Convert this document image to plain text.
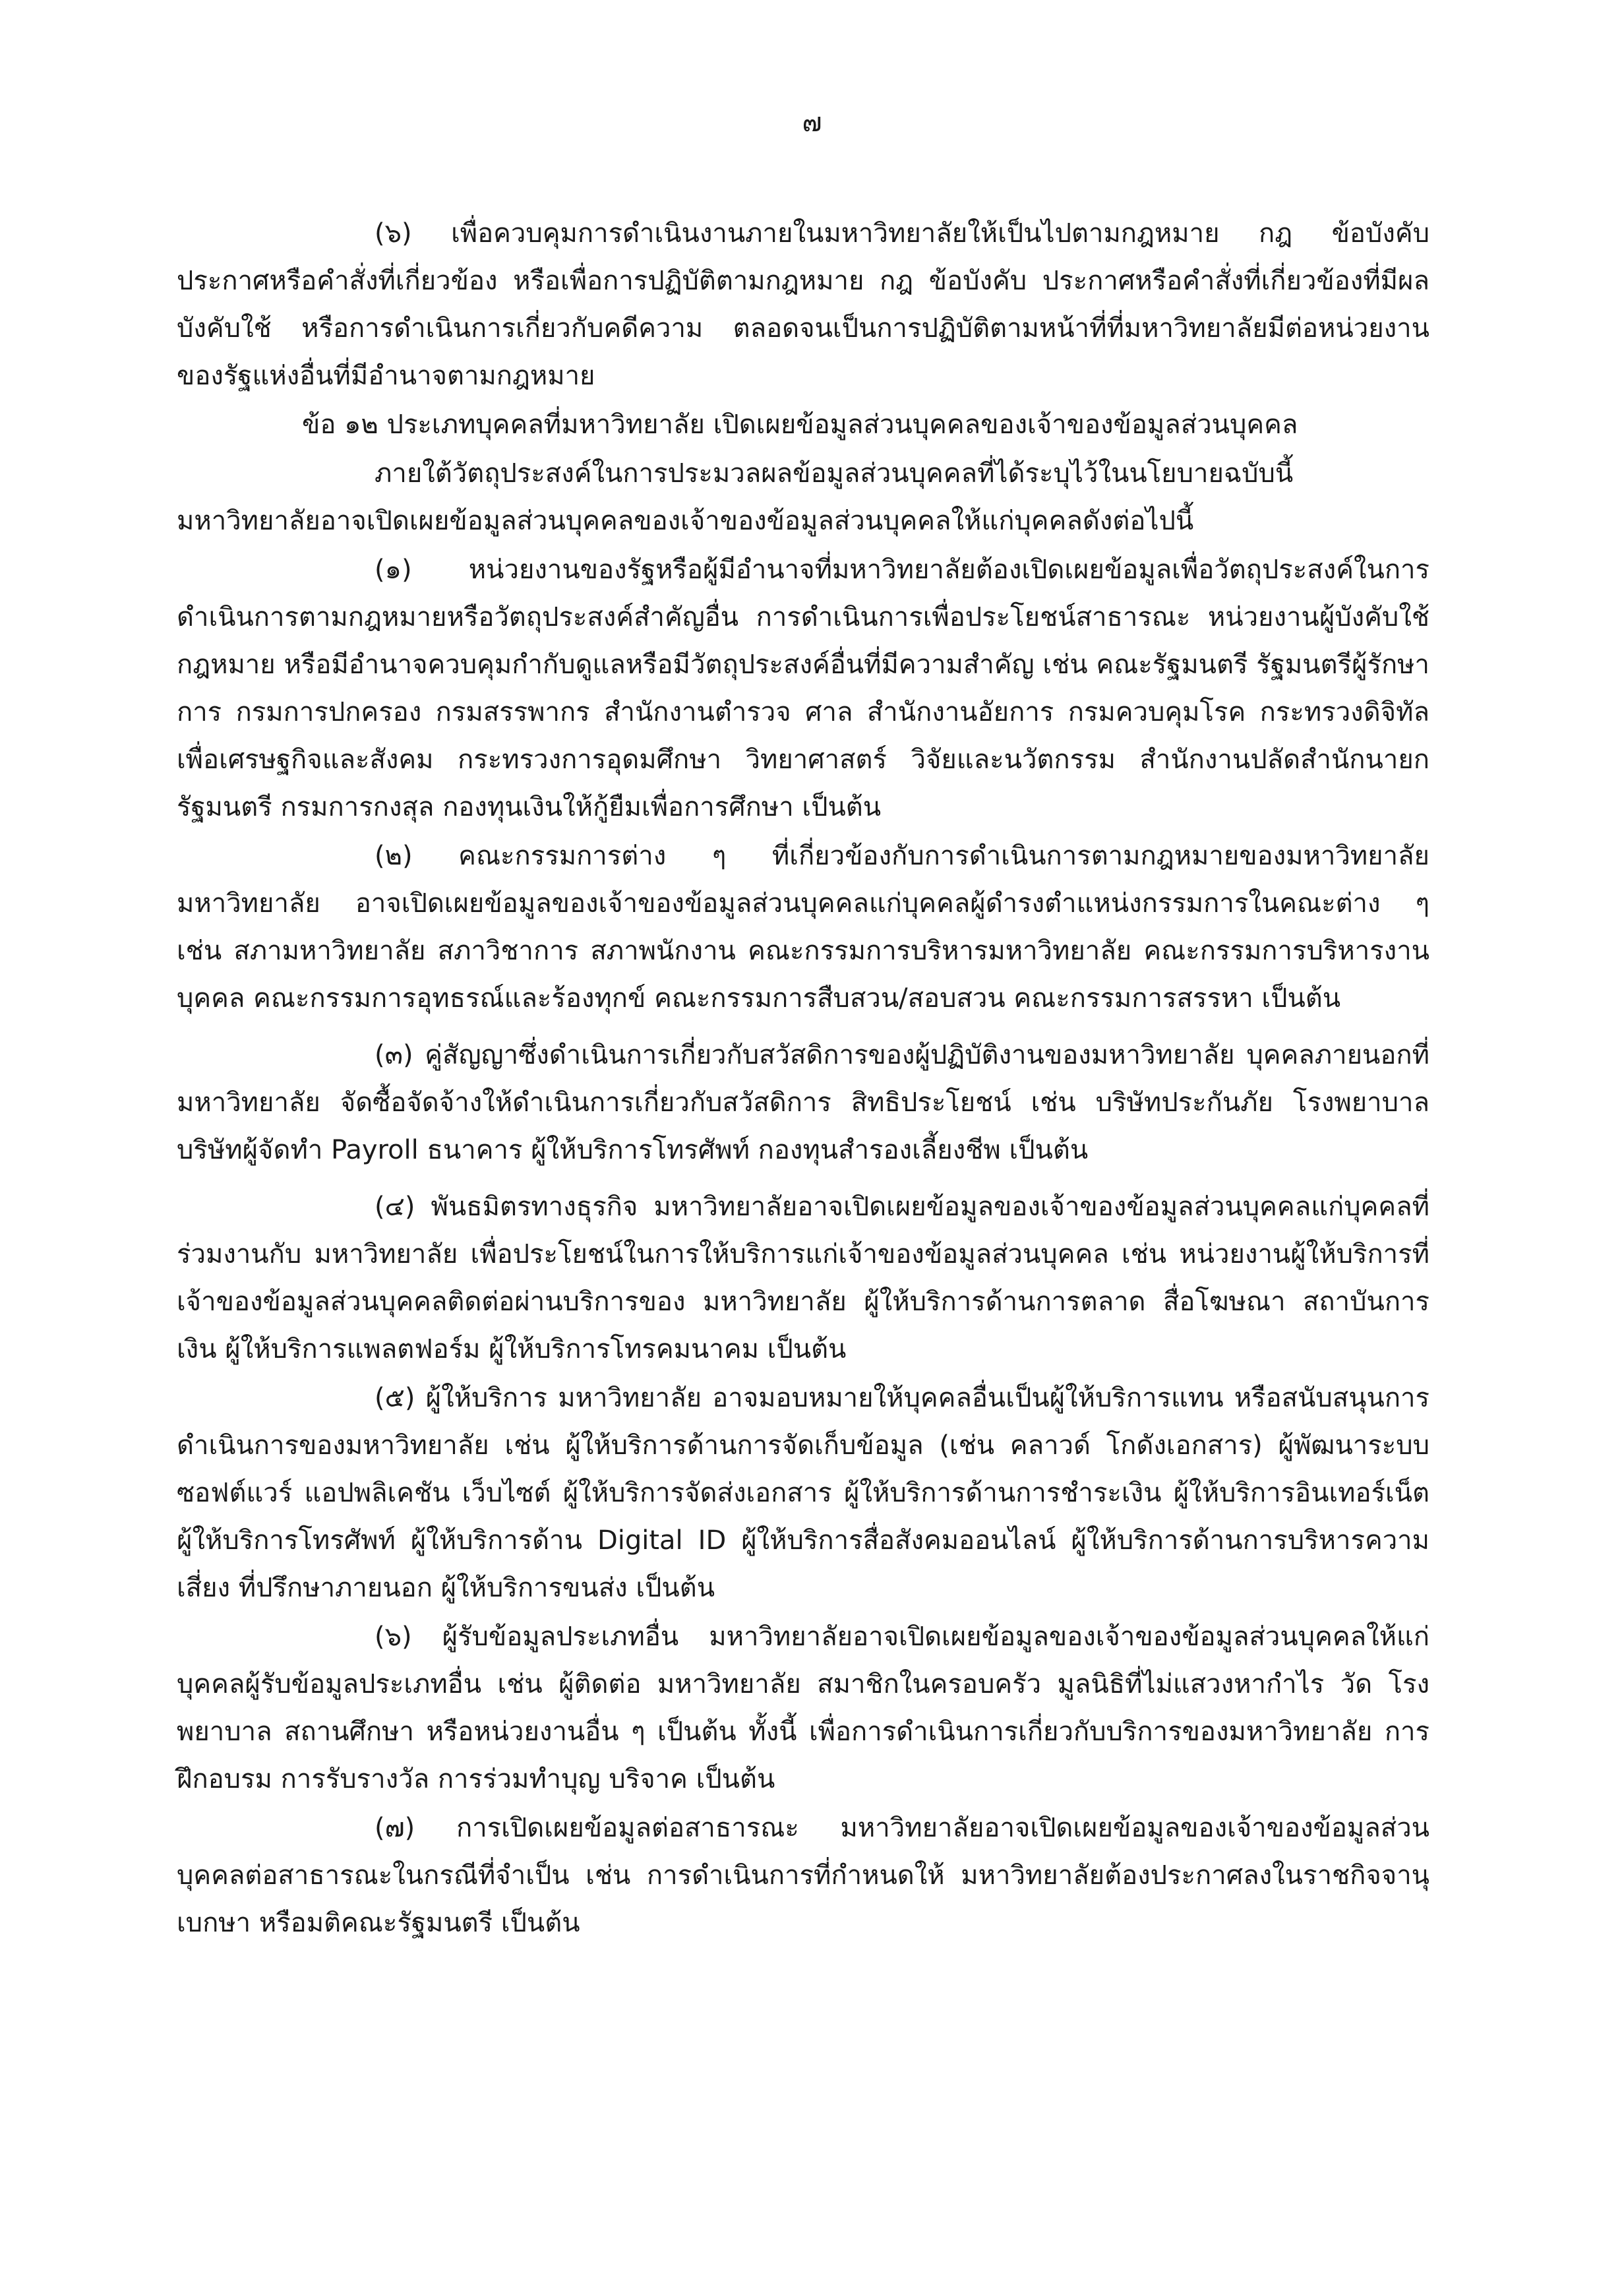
๗

(๖) เพื่อควบคุมการดำเนินงานภายในมหาวิทยาลัยให้เป็นไปตามกฎหมาย กฎ ข้อบังคับ ประกาศหรือคำสั่งที่เกี่ยวข้อง หรือเพื่อการปฏิบัติตามกฎหมาย กฎ ข้อบังคับ ประกาศหรือคำสั่งที่เกี่ยวข้องที่มีผลบังคับใช้ หรือการดำเนินการเกี่ยวกับคดีความ ตลอดจนเป็นการปฏิบัติตามหน้าที่ที่มหาวิทยาลัยมีต่อหน่วยงานของรัฐแห่งอื่นที่มีอำนาจตามกฎหมาย

ข้อ ๑๒ ประเภทบุคคลที่มหาวิทยาลัย เปิดเผยข้อมูลส่วนบุคคลของเจ้าของข้อมูลส่วนบุคคล

ภายใต้วัตถุประสงค์ในการประมวลผลข้อมูลส่วนบุคคลที่ได้ระบุไว้ในนโยบายฉบับนี้ มหาวิทยาลัยอาจเปิดเผยข้อมูลส่วนบุคคลของเจ้าของข้อมูลส่วนบุคคลให้แก่บุคคลดังต่อไปนี้

(๑) หน่วยงานของรัฐหรือผู้มีอำนาจที่มหาวิทยาลัยต้องเปิดเผยข้อมูลเพื่อวัตถุประสงค์ในการดำเนินการตามกฎหมายหรือวัตถุประสงค์สำคัญอื่น การดำเนินการเพื่อประโยชน์สาธารณะ หน่วยงานผู้บังคับใช้กฎหมาย หรือมีอำนาจควบคุมกำกับดูแลหรือมีวัตถุประสงค์อื่นที่มีความสำคัญ เช่น คณะรัฐมนตรี รัฐมนตรีผู้รักษาการ กรมการปกครอง กรมสรรพากร สำนักงานตำรวจ ศาล สำนักงานอัยการ กรมควบคุมโรค กระทรวงดิจิทัลเพื่อเศรษฐกิจและสังคม กระทรวงการอุดมศึกษา วิทยาศาสตร์ วิจัยและนวัตกรรม สำนักงานปลัดสำนักนายกรัฐมนตรี กรมการกงสุล กองทุนเงินให้กู้ยืมเพื่อการศึกษา เป็นต้น

(๒) คณะกรรมการต่าง ๆ ที่เกี่ยวข้องกับการดำเนินการตามกฎหมายของมหาวิทยาลัย มหาวิทยาลัย อาจเปิดเผยข้อมูลของเจ้าของข้อมูลส่วนบุคคลแก่บุคคลผู้ดำรงตำแหน่งกรรมการในคณะต่าง ๆ เช่น สภามหาวิทยาลัย สภาวิชาการ สภาพนักงาน คณะกรรมการบริหารมหาวิทยาลัย คณะกรรมการบริหารงานบุคคล คณะกรรมการอุทธรณ์และร้องทุกข์ คณะกรรมการสืบสวน/สอบสวน คณะกรรมการสรรหา เป็นต้น

(๓) คู่สัญญาซึ่งดำเนินการเกี่ยวกับสวัสดิการของผู้ปฏิบัติงานของมหาวิทยาลัย บุคคลภายนอกที่มหาวิทยาลัย จัดซื้อจัดจ้างให้ดำเนินการเกี่ยวกับสวัสดิการ สิทธิประโยชน์ เช่น บริษัทประกันภัย โรงพยาบาล บริษัทผู้จัดทำ Payroll ธนาคาร ผู้ให้บริการโทรศัพท์ กองทุนสำรองเลี้ยงชีพ เป็นต้น

(๔) พันธมิตรทางธุรกิจ มหาวิทยาลัยอาจเปิดเผยข้อมูลของเจ้าของข้อมูลส่วนบุคคลแก่บุคคลที่ร่วมงานกับ มหาวิทยาลัย เพื่อประโยชน์ในการให้บริการแก่เจ้าของข้อมูลส่วนบุคคล เช่น หน่วยงานผู้ให้บริการที่เจ้าของข้อมูลส่วนบุคคลติดต่อผ่านบริการของ มหาวิทยาลัย ผู้ให้บริการด้านการตลาด สื่อโฆษณา สถาบันการเงิน ผู้ให้บริการแพลตฟอร์ม ผู้ให้บริการโทรคมนาคม เป็นต้น

(๕) ผู้ให้บริการ มหาวิทยาลัย อาจมอบหมายให้บุคคลอื่นเป็นผู้ให้บริการแทน หรือสนับสนุนการดำเนินการของมหาวิทยาลัย เช่น ผู้ให้บริการด้านการจัดเก็บข้อมูล (เช่น คลาวด์ โกดังเอกสาร) ผู้พัฒนาระบบ ซอฟต์แวร์ แอปพลิเคชัน เว็บไซต์ ผู้ให้บริการจัดส่งเอกสาร ผู้ให้บริการด้านการชำระเงิน ผู้ให้บริการอินเทอร์เน็ต ผู้ให้บริการโทรศัพท์ ผู้ให้บริการด้าน Digital ID ผู้ให้บริการสื่อสังคมออนไลน์ ผู้ให้บริการด้านการบริหารความเสี่ยง ที่ปรึกษาภายนอก ผู้ให้บริการขนส่ง เป็นต้น

(๖) ผู้รับข้อมูลประเภทอื่น มหาวิทยาลัยอาจเปิดเผยข้อมูลของเจ้าของข้อมูลส่วนบุคคลให้แก่บุคคลผู้รับข้อมูลประเภทอื่น เช่น ผู้ติดต่อ มหาวิทยาลัย สมาชิกในครอบครัว มูลนิธิที่ไม่แสวงหากำไร วัด โรงพยาบาล สถานศึกษา หรือหน่วยงานอื่น ๆ เป็นต้น ทั้งนี้ เพื่อการดำเนินการเกี่ยวกับบริการของมหาวิทยาลัย การฝึกอบรม การรับรางวัล การร่วมทำบุญ บริจาค เป็นต้น

(๗) การเปิดเผยข้อมูลต่อสาธารณะ มหาวิทยาลัยอาจเปิดเผยข้อมูลของเจ้าของข้อมูลส่วนบุคคลต่อสาธารณะในกรณีที่จำเป็น เช่น การดำเนินการที่กำหนดให้ มหาวิทยาลัยต้องประกาศลงในราชกิจจานุเบกษา หรือมติคณะรัฐมนตรี เป็นต้น
